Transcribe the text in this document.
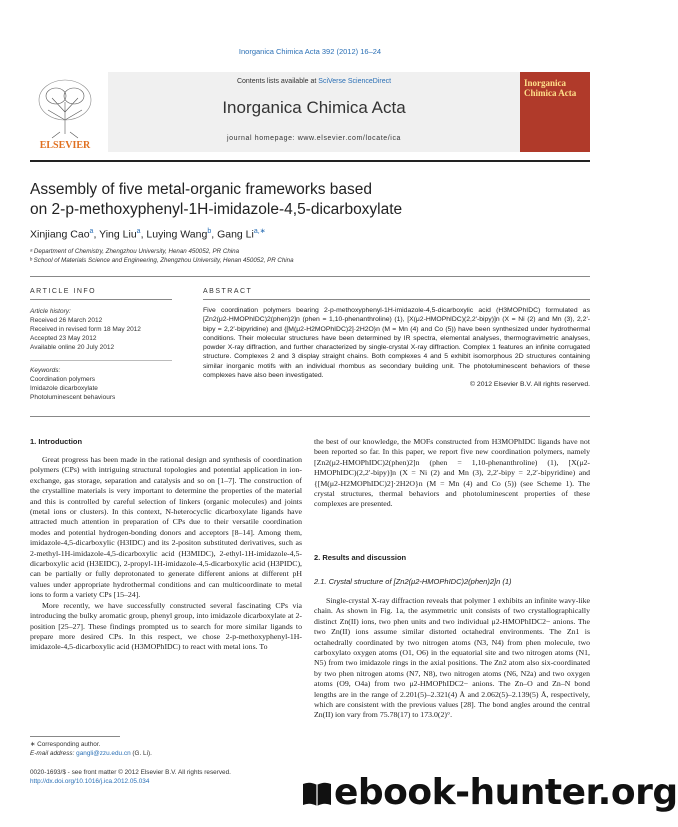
Inorganica Chimica Acta 392 (2012) 16–24
ELSEVIER
Contents lists available at SciVerse ScienceDirect
Inorganica Chimica Acta
journal homepage: www.elsevier.com/locate/ica
Inorganica Chimica Acta
Assembly of five metal-organic frameworks based
on 2-p-methoxyphenyl-1H-imidazole-4,5-dicarboxylate
Xinjiang Cao$^a$, Ying Liu$^a$, Luying Wang$^b$, Gang $Li^{a,∗}$
ᵃ Department of Chemistry, Zhengzhou University, Henan 450052, PR China
ᵇ School of Materials Science and Engineering, Zhengzhou University, Henan 450052, PR China
ARTICLE INFO
Article history:
Received 26 March 2012
Received in revised form 18 May 2012
Accepted 23 May 2012
Available online 20 July 2012
Keywords:
Coordination polymers
Imidazole dicarboxylate
Photoluminescent behaviours
ABSTRACT
Five coordination polymers bearing 2-p-methoxyphenyl-1H-imidazole-4,5-dicarboxylic acid (H3MOPhIDC) formulated as [Zn2(μ2-HMOPhIDC)2(phen)2]n (phen = 1,10-phenanthroline) (1), [X(μ2-HMOPhIDC)(2,2′-bipy)]n (X = Ni (2) and Mn (3), 2,2′-bipy = 2,2′-bipyridine) and {[M(μ2-H2MOPhIDC)2]·2H2O}n (M = Mn (4) and Co (5)) have been synthesized under hydrothermal conditions. Their molecular structures have been determined by IR spectra, elemental analyses, thermogravimetric analyses, powder X-ray diffraction, and further characterized by single-crystal X-ray diffraction. Complex 1 features an infinite corrugated structure. Complexes 2 and 3 display straight chains. Both complexes 4 and 5 exhibit isomorphous 2D structures containing similar inorganic motifs with an individual rhombus as secondary building unit. The photoluminescent behaviors of these complexes have also been investigated.
© 2012 Elsevier B.V. All rights reserved.
1. Introduction
Great progress has been made in the rational design and synthesis of coordination polymers (CPs) with intriguing structural topologies and potential application in ion-exchange, gas storage, separation and catalysis and so on [1–7]. The construction of the crystalline materials is very important to determine the properties of the material and this is controlled by careful selection of linkers (organic molecules) and joints (metal ions or clusters). In this context, N-heterocyclic dicarboxylate ligands have attracted much attention in preparation of CPs due to their versatile coordination modes and potential hydrogen-bonding donors and acceptors [8–14]. Among them, imidazole-4,5-dicarboxylic (H3IDC) and its 2-positon substituted derivatives, such as 2-methyl-1H-imidazole-4,5-dicarboxylic acid (H3MIDC), 2-ethyl-1H-imidazole-4,5-dicarboxylic acid (H3EIDC), 2-propyl-1H-imidazole-4,5-dicarboxylic acid (H3PIDC), can be partially or fully deprotonated to generate different anions at different pH values under appropriate hydrothermal conditions and can multicoordinate to metal ions to form a variety CPs [15–24].
More recently, we have successfully constructed several fascinating CPs via introducing the bulky aromatic group, phenyl group, into imidazole dicarboxylate at 2-position [25–27]. These findings prompted us to search for more similar ligands to prepare more desired CPs. In this respect, we chose 2-p-methoxyphenyl-1H-imidazole-4,5-dicarboxylic acid (H3MOPhIDC) to react with metal ions. To
the best of our knowledge, the MOFs constructed from H3MOPhIDC ligands have not been reported so far. In this paper, we report five new coordination polymers, namely [Zn2(μ2-HMOPhIDC)2(phen)2]n (phen = 1,10-phenanthroline) (1), [X(μ2-HMOPhIDC)(2,2′-bipy)]n (X = Ni (2) and Mn (3), 2,2′-bipy = 2,2′-bipyridine) and {[M(μ2-H2MOPhIDC)2]·2H2O}n (M = Mn (4) and Co (5)) (see Scheme 1). The crystal structures, thermal behaviors and photoluminescent properties of these complexes are presented.
2. Results and discussion
2.1. Crystal structure of [Zn2(μ2-HMOPhIDC)2(phen)2]n (1)
Single-crystal X-ray diffraction reveals that polymer 1 exhibits an infinite wavy-like chain. As shown in Fig. 1a, the asymmetric unit consists of two crystallographically distinct Zn(II) ions, two phen units and two individual μ2-HMOPhIDC2− anions. The two Zn(II) ions assume similar distorted octahedral environments. The Zn1 is octahedrally coordinated by two nitrogen atoms (N3, N4) from phen molecule, two carboxylato oxygen atoms (O1, O6) in the equatorial site and two nitrogen atoms (N1, N5) from two imidazole rings in the axial positions. The Zn2 atom also six-coordinated by two phen nitrogen atoms (N7, N8), two nitrogen atoms (N6, N2a) and two oxygen atoms (O9, O4a) from two μ2-HMOPhIDC2− anions. The Zn–O and Zn–N bond lengths are in the range of 2.201(5)–2.321(4) Å and 2.062(5)–2.139(5) Å, respectively, which are consistent with the previous values [28]. The bond angles around the central Zn(II) ion vary from 75.78(17) to 173.0(2)°.
∗ Corresponding author.
E-mail address: gangli@zzu.edu.cn (G. Li).
0020-1693/$ - see front matter © 2012 Elsevier B.V. All rights reserved.
http://dx.doi.org/10.1016/j.ica.2012.05.034	ebook-hunter.org
